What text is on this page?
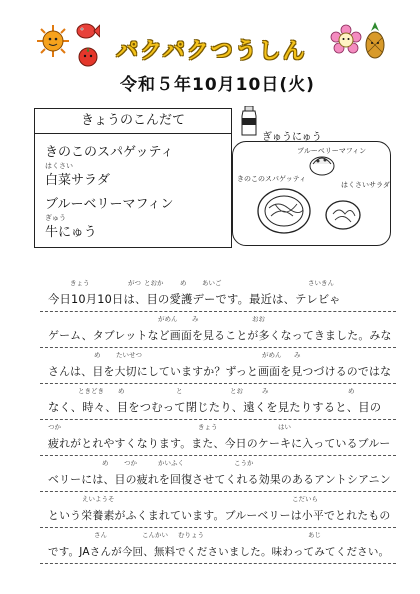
パクパクつうしん
令和５年10月10日(火)
きょうのこんだて
きのこのスパゲッティ
はくさい
白菜サラダ
ブルーベリーマフィン
ぎゅう
牛にゅう
ぎゅうにゅう
ブルーベリーマフィン
きのこのスパゲッティ
はくさいサラダ
きょう	がつ とおか	め あいご	さいきん
今日10月10日は、目の愛護デーです。最近は、テレビゃ
がめん み	おお
ゲーム、タブレットなど画面を見ることが多くなってきました。みな
め たいせつ	がめん み
さんは、目を大切にしていますか？ずっと画面を見つづけるのではな
ときどき め	と	とお	み	め
なく、時々、目をつむって閉じたり、遠くを見たりすると、目の
つか	きょう	はい
疲れがとれやすくなります。また、今日のケーキに入っているブルー
め つか	かいふく	こうか
ベリーには、目の疲れを回復させてくれる効果のあるアントシアニン
えいようそ	こだいら
という栄養素がふくまれています。ブルーベリーは小平でとれたもの
さん	こんかい むりょう	あじ
です。JAさんが今回、無料でくださいました。味わってみてください。
